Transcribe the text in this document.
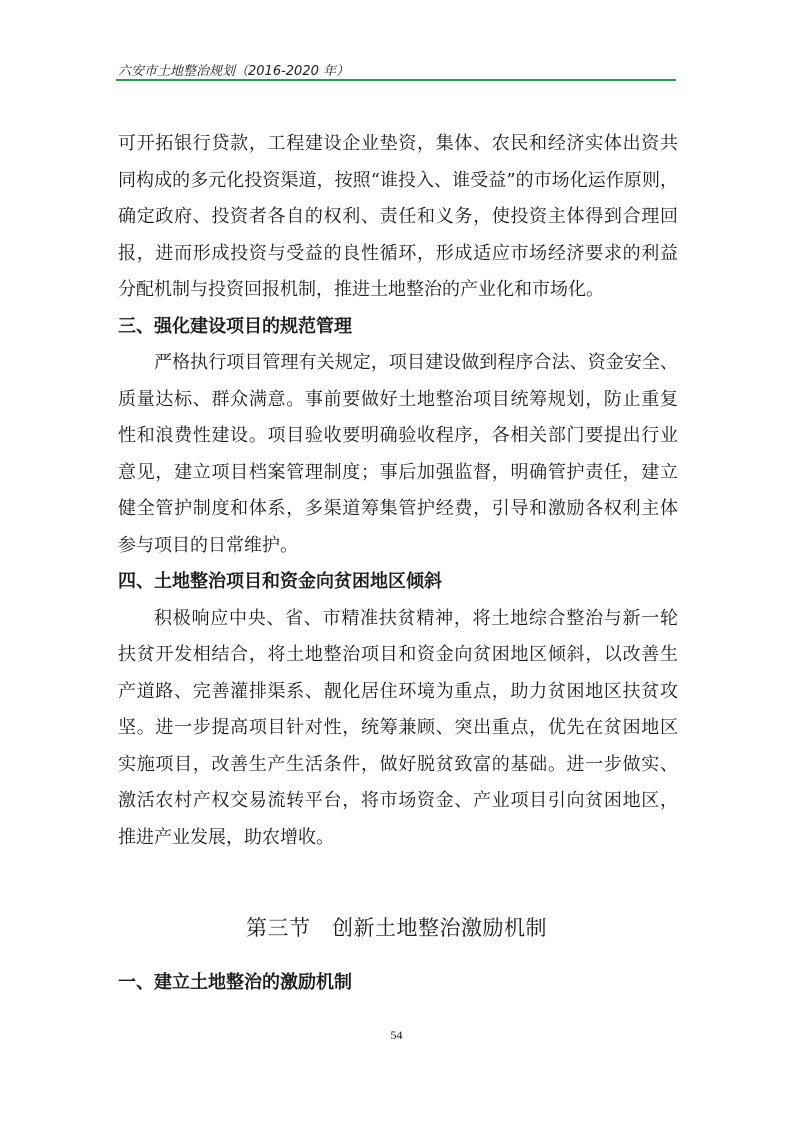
六安市土地整治规划（2016-2020 年）
可开拓银行贷款，工程建设企业垫资，集体、农民和经济实体出资共
同构成的多元化投资渠道，按照“谁投入、谁受益”的市场化运作原则，
确定政府、投资者各自的权利、责任和义务，使投资主体得到合理回
报，进而形成投资与受益的良性循环，形成适应市场经济要求的利益
分配机制与投资回报机制，推进土地整治的产业化和市场化。
三、强化建设项目的规范管理
严格执行项目管理有关规定，项目建设做到程序合法、资金安全、
质量达标、群众满意。事前要做好土地整治项目统筹规划，防止重复
性和浪费性建设。项目验收要明确验收程序，各相关部门要提出行业
意见，建立项目档案管理制度；事后加强监督，明确管护责任，建立
健全管护制度和体系，多渠道筹集管护经费，引导和激励各权利主体
参与项目的日常维护。
四、土地整治项目和资金向贫困地区倾斜
积极响应中央、省、市精准扶贫精神，将土地综合整治与新一轮
扶贫开发相结合，将土地整治项目和资金向贫困地区倾斜，以改善生
产道路、完善灌排渠系、靓化居住环境为重点，助力贫困地区扶贫攻
坚。进一步提高项目针对性，统筹兼顾、突出重点，优先在贫困地区
实施项目，改善生产生活条件，做好脱贫致富的基础。进一步做实、
激活农村产权交易流转平台，将市场资金、产业项目引向贫困地区，
推进产业发展，助农增收。
第三节　创新土地整治激励机制
一、建立土地整治的激励机制
54
